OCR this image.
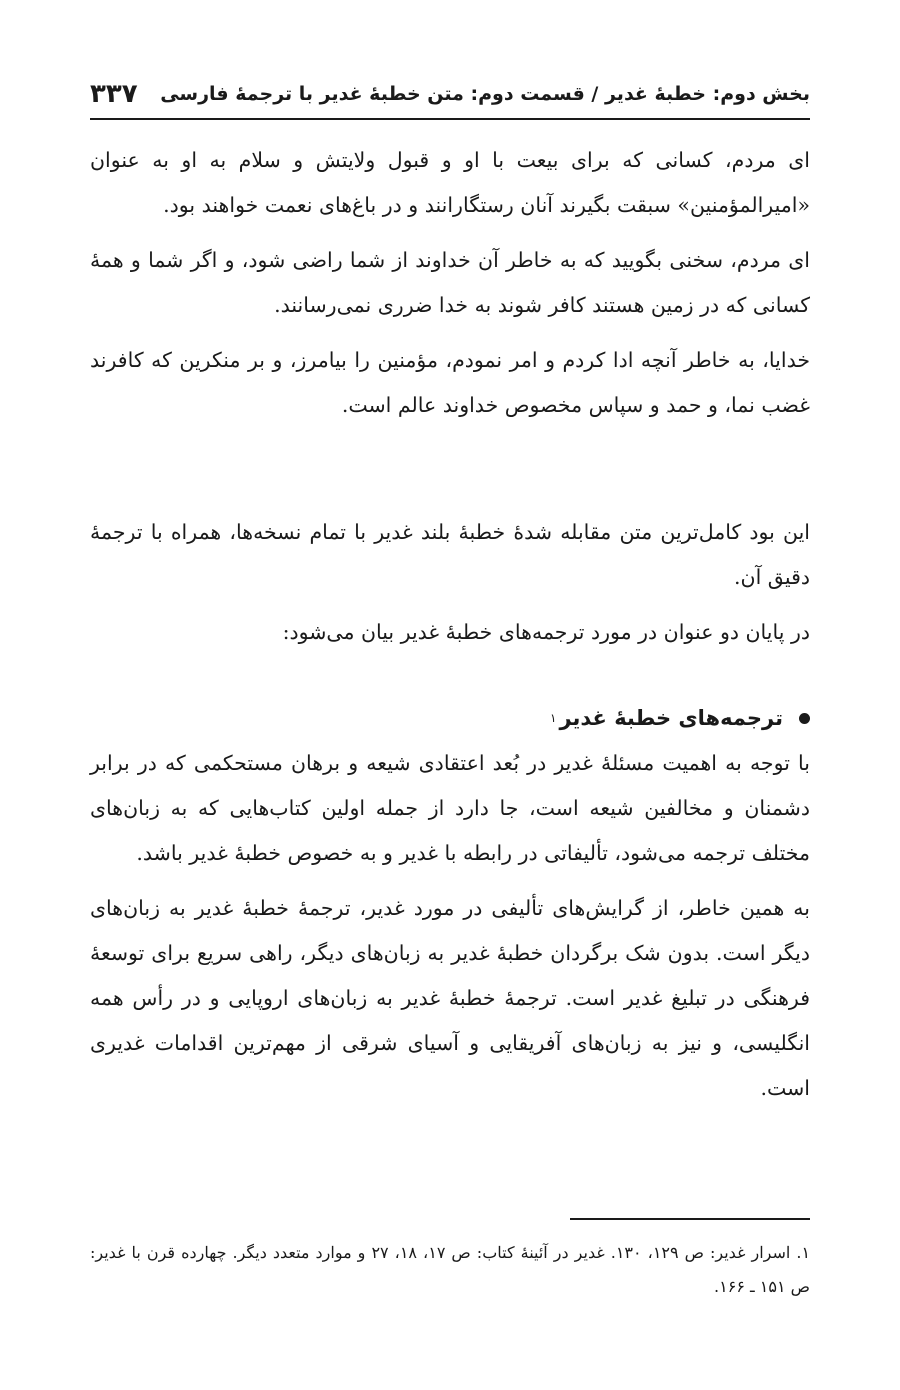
بخش دوم: خطبهٔ غدیر / قسمت دوم: متن خطبهٔ غدیر با ترجمهٔ فارسی
۳۳۷

ای مردم، کسانی که برای بیعت با او و قبول ولایتش و سلام به او به عنوان «امیرالمؤمنین» سبقت بگیرند آنان رستگارانند و در باغ‌های نعمت خواهند بود.

ای مردم، سخنی بگویید که به خاطر آن خداوند از شما راضی شود، و اگر شما و همهٔ کسانی که در زمین هستند کافر شوند به خدا ضرری نمی‌رسانند.

خدایا، به خاطر آنچه ادا کردم و امر نمودم، مؤمنین را بیامرز، و بر منکرین که کافرند غضب نما، و حمد و سپاس مخصوص خداوند عالم است.

این بود کامل‌ترین متن مقابله شدهٔ خطبهٔ بلند غدیر با تمام نسخه‌ها، همراه با ترجمهٔ دقیق آن.

در پایان دو عنوان در مورد ترجمه‌های خطبهٔ غدیر بیان می‌شود:

ترجمه‌های خطبهٔ غدیر
۱

با توجه به اهمیت مسئلهٔ غدیر در بُعد اعتقادی شیعه و برهان مستحکمی که در برابر دشمنان و مخالفین شیعه است، جا دارد از جمله اولین کتاب‌هایی که به زبان‌های مختلف ترجمه می‌شود، تألیفاتی در رابطه با غدیر و به خصوص خطبهٔ غدیر باشد.

به همین خاطر، از گرایش‌های تألیفی در مورد غدیر، ترجمهٔ خطبهٔ غدیر به زبان‌های دیگر است. بدون شک برگردان خطبهٔ غدیر به زبان‌های دیگر، راهی سریع برای توسعهٔ فرهنگی در تبلیغ غدیر است. ترجمهٔ خطبهٔ غدیر به زبان‌های اروپایی و در رأس همه انگلیسی، و نیز به زبان‌های آفریقایی و آسیای شرقی از مهم‌ترین اقدامات غدیری است.

۱. اسرار غدیر: ص ۱۲۹، ۱۳۰. غدیر در آئینهٔ کتاب: ص ۱۷، ۱۸، ۲۷ و موارد متعدد دیگر. چهارده قرن با غدیر: ص ۱۵۱ ـ ۱۶۶.
